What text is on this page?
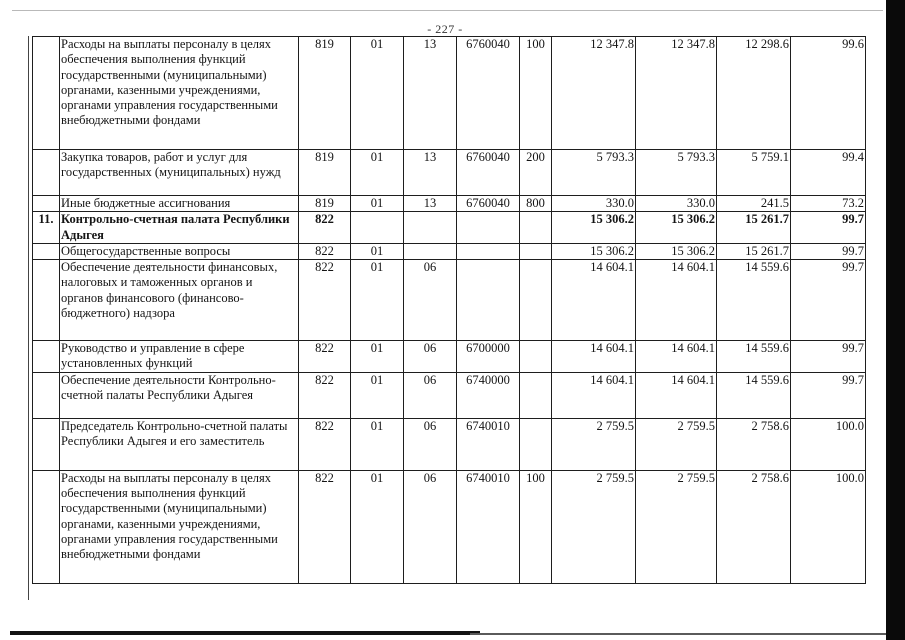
- 227 -
	Расходы на выплаты персоналу в целях обеспечения выполнения функций государственными (муниципальными) органами, казенными учреждениями, органами управления государственными внебюджетными фондами	819	01	13	6760040	100	12 347.8	12 347.8	12 298.6	99.6
	Закупка товаров, работ и услуг для государственных (муниципальных) нужд	819	01	13	6760040	200	5 793.3	5 793.3	5 759.1	99.4
	Иные бюджетные ассигнования	819	01	13	6760040	800	330.0	330.0	241.5	73.2
11.	Контрольно-счетная палата Республики Адыгея	822					15 306.2	15 306.2	15 261.7	99.7
	Общегосударственные вопросы	822	01				15 306.2	15 306.2	15 261.7	99.7
	Обеспечение деятельности финансовых, налоговых и таможенных органов и органов финансового (финансово-бюджетного) надзора	822	01	06			14 604.1	14 604.1	14 559.6	99.7
	Руководство и управление в сфере установленных функций	822	01	06	6700000		14 604.1	14 604.1	14 559.6	99.7
	Обеспечение деятельности Контрольно-счетной палаты Республики Адыгея	822	01	06	6740000		14 604.1	14 604.1	14 559.6	99.7
	Председатель Контрольно-счетной палаты Республики Адыгея и его заместитель	822	01	06	6740010		2 759.5	2 759.5	2 758.6	100.0
	Расходы на выплаты персоналу в целях обеспечения выполнения функций государственными (муниципальными) органами, казенными учреждениями, органами управления государственными внебюджетными фондами	822	01	06	6740010	100	2 759.5	2 759.5	2 758.6	100.0
